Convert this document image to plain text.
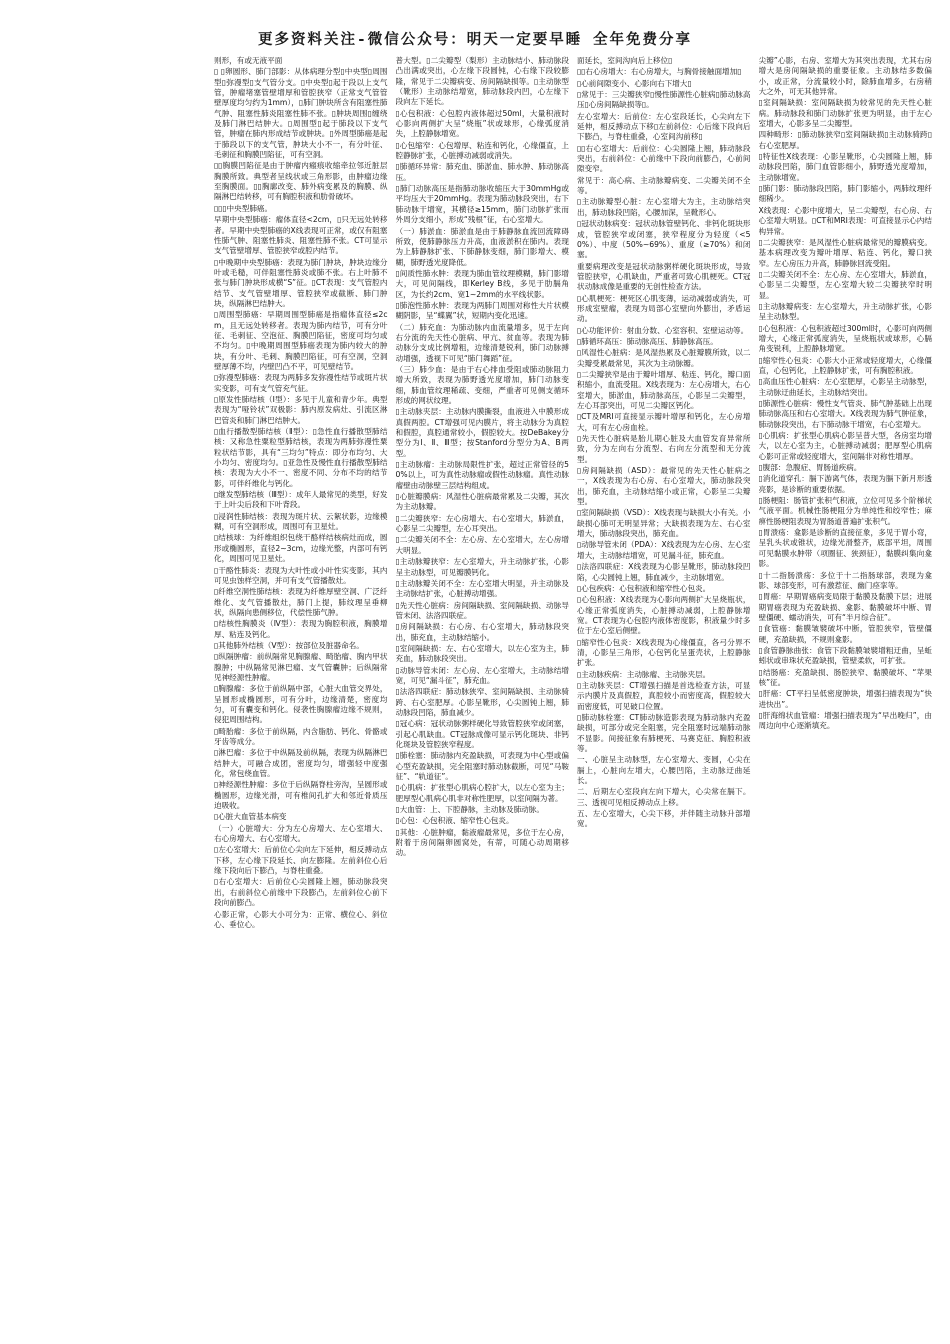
更多资料关注-微信公众号：明天一定要早睡 全年免费分享

则形，有或无液平面

▯ ▯卵圆形、肺门部影：从体病理分型▯中央型▯周围型▯弥漫型▯支气管分支。▯中央型▯起于段以上支气管，肿瘤堵塞管壁增厚和管腔狭窄（正常支气管管壁厚度均匀约为1mm），▯肺门肿块所含有阻塞性肺气肿、阻塞性肺炎阻塞性肺不张。▯肿块周围▯缠绕及肺门淋巴结肿大。▯周围型▯起于肺段以下支气管，肿瘤在肺内形成结节或肿块。▯外周型肺癌是起于肺段以下的支气管，肿块大小不一，有分叶征、毛刺征和胸膜凹陷征，可有空洞。

▯▯胸膜凹陷征是由于肿瘤内瘢痕收缩牵拉邻近脏层胸膜所致。典型者呈线状或三角形影，由肿瘤边缘至胸膜面。▯▯胸廓改变、肺外病变累及的胸膜、纵隔淋巴结转移，可有胸腔积液和肋骨破坏。

▯▯▯中央型肺癌。

早期中央型肺癌：瘤体直径<2cm，▯只无远处转移者。早期中央型肺癌的X线表现可正常，或仅有阻塞性肺气肿、阻塞性肺炎、阻塞性肺不张。CT可显示支气管壁增厚、管腔狭窄或腔内结节。

▯中晚期中央型肺癌：表现为肺门肿块，肿块边缘分叶或毛糙，可伴阻塞性肺炎或肺不张。右上叶肺不张与肺门肿块形成横“S”征。▯CT表现：支气管腔内结节、支气管壁增厚、管腔狭窄或截断、肺门肿块，纵隔淋巴结肿大。

▯周围型肺癌：早期周围型肺癌是指瘤体直径≤2cm，且无远处转移者。表现为肺内结节，可有分叶征、毛刺征、空泡征、胸膜凹陷征，密度可均匀或不均匀。▯中晚期周围型肺癌表现为肺内较大的肿块，有分叶、毛刺、胸膜凹陷征，可有空洞，空洞壁厚薄不均，内壁凹凸不平，可见壁结节。

▯弥漫型肺癌：表现为两肺多发弥漫性结节或斑片状实变影，可有支气管充气征。

▯原发性肺结核（Ⅰ型）：多见于儿童和青少年。典型表现为“哑铃状”双极影：肺内原发病灶、引流区淋巴管炎和肺门淋巴结肿大。

▯血行播散型肺结核（Ⅱ型）：▯急性血行播散型肺结核：又称急性粟粒型肺结核，表现为两肺弥漫性粟粒状结节影，具有“三均匀”特点：即分布均匀、大小均匀、密度均匀。▯亚急性及慢性血行播散型肺结核：表现为大小不一、密度不同、分布不均的结节影，可伴纤维化与钙化。

▯继发型肺结核（Ⅲ型）：成年人最常见的类型，好发于上叶尖后段和下叶背段。

▯浸润性肺结核：表现为斑片状、云絮状影，边缘模糊，可有空洞形成，周围可有卫星灶。

▯结核球：为纤维组织包绕干酪样结核病灶而成，圆形或椭圆形，直径2~3cm，边缘光整，内部可有钙化，周围可见卫星灶。

▯干酪性肺炎：表现为大叶性或小叶性实变影，其内可见虫蚀样空洞，并可有支气管播散灶。

▯纤维空洞性肺结核：表现为纤维厚壁空洞、广泛纤维化、支气管播散灶，肺门上提，肺纹理呈垂柳状，纵隔向患侧移位，代偿性肺气肿。

▯结核性胸膜炎（Ⅳ型）：表现为胸腔积液，胸膜增厚、粘连及钙化。

▯其他肺外结核（Ⅴ型）：按部位及脏器命名。

▯纵隔肿瘤：前纵隔常见胸腺瘤、畸胎瘤、胸内甲状腺肿；中纵隔常见淋巴瘤、支气管囊肿；后纵隔常见神经源性肿瘤。

▯胸腺瘤：多位于前纵隔中部，心脏大血管交界处，呈圆形或椭圆形，可有分叶，边缘清楚，密度均匀，可有囊变和钙化。侵袭性胸腺瘤边缘不规则，侵犯周围结构。

▯畸胎瘤：多位于前纵隔，内含脂肪、钙化、骨骼或牙齿等成分。

▯淋巴瘤：多位于中纵隔及前纵隔，表现为纵隔淋巴结肿大，可融合成团，密度均匀，增强轻中度强化，常包绕血管。

▯神经源性肿瘤：多位于后纵隔脊柱旁沟，呈圆形或椭圆形，边缘光滑，可有椎间孔扩大和邻近骨质压迫吸收。

▯心脏大血管基本病变

（一）心脏增大：分为左心房增大、左心室增大、右心房增大、右心室增大。

▯左心室增大：后前位心尖向左下延伸，相反搏动点下移，左心缘下段延长、向左膨隆。左前斜位心后缘下段向后下膨凸，与脊柱重叠。

▯右心室增大：后前位心尖圆隆上翘，肺动脉段突出，右前斜位心前缘中下段膨凸，左前斜位心前下段向前膨凸。

心影正常，心影大小可分为：正常、横位心、斜位心、垂位心。

普大型。▯二尖瓣型（梨形）主动脉结小、肺动脉段凸出满或突出，心左缘下段圆钝，心右缘下段较膨隆，常见于二尖瓣病变、房间隔缺损等。▯主动脉型（靴形）主动脉结增宽，肺动脉段内凹，心左缘下段向左下延长。

▯心包积液：心包腔内液体超过50ml，大量积液时心影向两侧扩大呈“烧瓶”状或球形，心缘弧度消失，上腔静脉增宽。

▯心包缩窄：心包增厚、粘连和钙化，心缘僵直，上腔静脉扩张，心脏搏动减弱或消失。

▯肺循环异常：肺充血、肺淤血、肺水肿、肺动脉高压。

▯肺门动脉高压是指肺动脉收缩压大于30mmHg或平均压大于20mmHg。表现为肺动脉段突出，右下肺动脉干增宽，其横径≥15mm，肺门动脉扩张而外周分支细小，形成“残根”征，右心室增大。

（一）肺淤血：肺淤血是由于肺静脉血流回流障碍所致，使肺静脉压力升高，血液淤积在肺内。表现为上肺静脉扩张、下肺静脉变细，肺门影增大、模糊，肺野透光度降低。

▯间质性肺水肿：表现为肺血管纹理模糊，肺门影增大，可见间隔线，即Kerley B线，多见于肋膈角区，为长约2cm、宽1~2mm的水平线状影。

▯肺泡性肺水肿：表现为两肺门周围对称性大片状模糊阴影，呈“蝶翼”状，短期内变化迅速。

（二）肺充血：为肺动脉内血流量增多，见于左向右分流的先天性心脏病、甲亢、贫血等。表现为肺动脉分支成比例增粗，边缘清楚锐利，肺门动脉搏动增强，透视下可见“肺门舞蹈”征。

（三）肺少血：是由于右心排血受阻或肺动脉阻力增大所致，表现为肺野透光度增加，肺门动脉变细，肺血管纹理稀疏、变细，严重者可见侧支循环形成的网状纹理。

▯主动脉夹层：主动脉内膜撕裂，血液进入中膜形成真假两腔。CT增强可见内膜片，将主动脉分为真腔和假腔，真腔通常较小，假腔较大。按DeBakey分型分为Ⅰ、Ⅱ、Ⅲ型；按Stanford分型分为A、B两型。

▯主动脉瘤：主动脉局限性扩张，超过正常管径的50%以上，可为真性动脉瘤或假性动脉瘤。真性动脉瘤壁由动脉壁三层结构组成。

▯心脏瓣膜病：风湿性心脏病最常累及二尖瓣，其次为主动脉瓣。

▯二尖瓣狭窄：左心房增大、右心室增大，肺淤血，心影呈二尖瓣型，左心耳突出。

▯二尖瓣关闭不全：左心房、左心室增大，左心房增大明显。

▯主动脉瓣狭窄：左心室增大，升主动脉扩张，心影呈主动脉型，可见瓣膜钙化。

▯主动脉瓣关闭不全：左心室增大明显，升主动脉及主动脉结扩张，心脏搏动增强。

▯先天性心脏病：房间隔缺损、室间隔缺损、动脉导管未闭、法洛四联症。

▯房间隔缺损：右心房、右心室增大，肺动脉段突出，肺充血，主动脉结缩小。

▯室间隔缺损：左、右心室增大，以左心室为主，肺充血，肺动脉段突出。

▯动脉导管未闭：左心房、左心室增大，主动脉结增宽，可见“漏斗征”，肺充血。

▯法洛四联症：肺动脉狭窄、室间隔缺损、主动脉骑跨、右心室肥厚。心影呈靴形，心尖圆钝上翘，肺动脉段凹陷，肺血减少。

▯冠心病：冠状动脉粥样硬化导致管腔狭窄或闭塞，引起心肌缺血。CT冠脉成像可显示钙化斑块、非钙化斑块及管腔狭窄程度。

▯肺栓塞：肺动脉内充盈缺损，可表现为中心型或偏心型充盈缺损，完全阻塞时肺动脉截断，可见“马鞍征”、“轨道征”。

▯心肌病：扩张型心肌病心腔扩大，以左心室为主；肥厚型心肌病心肌非对称性肥厚，以室间隔为著。

▯大血管：上、下腔静脉，主动脉及肺动脉。

▯心包：心包积液、缩窄性心包炎。

▯其他：心脏肿瘤，黏液瘤最常见，多位于左心房，附着于房间隔卵圆窝处，有蒂，可随心动周期移动。

面延长，室间沟向后上移位▯

▯▯右心房增大：右心房增大，与胸骨接触面增加▯

▯心前间隙变小、心影向右下增大▯

▯常见于：三尖瓣狭窄▯慢性肺源性心脏病▯肺动脉高压▯心房间隔缺损等▯。

左心室增大：后前位：左心室段延长，心尖向左下延伸，相反搏动点下移▯左前斜位：心后缘下段向后下膨凸，与脊柱重叠，心室间沟前移▯

▯▯右心室增大：后前位：心尖圆隆上翘，肺动脉段突出，右前斜位：心前缘中下段向前膨凸，心前间隙变窄。

常见于：高心病、主动脉瓣病变、二尖瓣关闭不全等。

▯主动脉瓣型心脏：左心室增大为主，主动脉结突出，肺动脉段凹陷，心腰加深，呈靴形心。

▯冠状动脉病变：冠状动脉管壁钙化、非钙化斑块形成，管腔狭窄或闭塞，狭窄程度分为轻度（<50%）、中度（50%~69%）、重度（≥70%）和闭塞。

重要病理改变是冠状动脉粥样硬化斑块形成，导致管腔狭窄，心肌缺血，严重者可致心肌梗死。CT冠状动脉成像是重要的无创性检查方法。

▯心肌梗死：梗死区心肌变薄，运动减弱或消失，可形成室壁瘤，表现为局部心室壁向外膨出，矛盾运动。

▯心功能评价：射血分数、心室容积、室壁运动等。

▯肺循环高压：肺动脉高压、肺静脉高压。

▯风湿性心脏病：是风湿热累及心脏瓣膜所致，以二尖瓣受累最常见，其次为主动脉瓣。

▯二尖瓣狭窄是由于瓣叶增厚、粘连、钙化，瓣口面积缩小，血流受阻。X线表现为：左心房增大，右心室增大，肺淤血，肺动脉高压，心影呈二尖瓣型，左心耳部突出，可见二尖瓣区钙化。

▯CT及MRI可直接显示瓣叶增厚和钙化，左心房增大，可有左心房血栓。

▯先天性心脏病是胎儿期心脏及大血管发育异常所致，分为左向右分流型、右向左分流型和无分流型。

▯房间隔缺损（ASD）：最常见的先天性心脏病之一，X线表现为右心房、右心室增大，肺动脉段突出，肺充血，主动脉结缩小或正常，心影呈二尖瓣型。

▯室间隔缺损（VSD）：X线表现与缺损大小有关。小缺损心肺可无明显异常；大缺损表现为左、右心室增大，肺动脉段突出，肺充血。

▯动脉导管未闭（PDA）：X线表现为左心房、左心室增大，主动脉结增宽，可见漏斗征，肺充血。

▯法洛四联症：X线表现为心影呈靴形，肺动脉段凹陷，心尖圆钝上翘，肺血减少，主动脉增宽。

▯心包疾病：心包积液和缩窄性心包炎。

▯心包积液：X线表现为心影向两侧扩大呈烧瓶状，心缘正常弧度消失，心脏搏动减弱，上腔静脉增宽。CT表现为心包腔内液体密度影，积液量少时多位于左心室后侧壁。

▯缩窄性心包炎：X线表现为心缘僵直，各弓分界不清，心影呈三角形，心包钙化呈蛋壳状，上腔静脉扩张。

▯主动脉疾病：主动脉瘤、主动脉夹层。

▯主动脉夹层：CT增强扫描是首选检查方法，可显示内膜片及真假腔，真腔较小而密度高，假腔较大而密度低，可见破口位置。

▯肺动脉栓塞：CT肺动脉造影表现为肺动脉内充盈缺损，可部分或完全阻塞，完全阻塞时远端肺动脉不显影。间接征象有肺梗死、马赛克征、胸腔积液等。

一、心脏呈主动脉型，左心室增大、变圆，心尖在膈上，心脏向左增大，心腰凹陷，主动脉迂曲延长。

二、后期左心室段向左向下增大，心尖常在膈下。三、透视可见相反搏动点上移。

五、左心室增大，心尖下移，并伴随主动脉升部增宽。

尖瓣”心影，右房、室增大为其突出表现，尤其右房增大是房间隔缺损的重要征象。主动脉结多数偏小，或正常，分流量较小时，除肺血增多，右房稍大之外，可无其他异常。

▯室间隔缺损：室间隔缺损为较常见的先天性心脏病。肺动脉段和肺门动脉扩张更为明显，由于左心室增大，心影多呈二尖瓣型。

四种畸形：▯肺动脉狭窄▯室间隔缺损▯主动脉骑跨▯右心室肥厚。

▯特征性X线表现：心影呈靴形，心尖圆隆上翘，肺动脉段凹陷，肺门血管影细小，肺野透光度增加，主动脉增宽。

▯肺门影：肺动脉段凹陷，肺门影缩小，两肺纹理纤细稀少。

X线表现：心影中度增大，呈二尖瓣型，右心房、右心室增大明显。▯CT和MRI表现：可直接显示心内结构异常。

▯二尖瓣狭窄：是风湿性心脏病最常见的瓣膜病变。基本病理改变为瓣叶增厚、粘连、钙化，瓣口狭窄。左心房压力升高，肺静脉回流受阻。

▯二尖瓣关闭不全：左心房、左心室增大，肺淤血，心影呈二尖瓣型，左心室增大较二尖瓣狭窄时明显。

▯主动脉瓣病变：左心室增大，升主动脉扩张，心影呈主动脉型。

▯心包积液：心包积液超过300ml时，心影可向两侧增大，心缘正常弧度消失，呈烧瓶状或球形，心膈角变锐利，上腔静脉增宽。

▯缩窄性心包炎：心影大小正常或轻度增大，心缘僵直，心包钙化，上腔静脉扩张，可有胸腔积液。

▯高血压性心脏病：左心室肥厚，心影呈主动脉型，主动脉迂曲延长，主动脉结突出。

▯肺源性心脏病：慢性支气管炎、肺气肿基础上出现肺动脉高压和右心室增大。X线表现为肺气肿征象，肺动脉段突出，右下肺动脉干增宽，右心室增大。

▯心肌病：扩张型心肌病心影呈普大型，各房室均增大，以左心室为主，心脏搏动减弱；肥厚型心肌病心影可正常或轻度增大，室间隔非对称性增厚。

▯腹部：急腹症、胃肠道疾病。

▯消化道穿孔：膈下游离气体，表现为膈下新月形透亮影，是诊断的重要依据。

▯肠梗阻：肠管扩张积气积液，立位可见多个阶梯状气液平面。机械性肠梗阻分为单纯性和绞窄性；麻痹性肠梗阻表现为胃肠道普遍扩张积气。

▯胃溃疡：龛影是诊断的直接征象，多见于胃小弯，呈乳头状或锥状，边缘光滑整齐，底部平坦，周围可见黏膜水肿带（项圈征、狭颈征），黏膜纠集向龛影。

▯十二指肠溃疡：多位于十二指肠球部，表现为龛影、球部变形，可有激惹征、幽门痉挛等。

▯胃癌：早期胃癌病变局限于黏膜及黏膜下层；进展期胃癌表现为充盈缺损、龛影、黏膜破坏中断、胃壁僵硬、蠕动消失，可有“半月综合征”。

▯食管癌：黏膜皱襞破坏中断，管腔狭窄，管壁僵硬，充盈缺损，不规则龛影。

▯食管静脉曲张：食管下段黏膜皱襞增粗迂曲，呈蚯蚓状或串珠状充盈缺损，管壁柔软，可扩张。

▯结肠癌：充盈缺损、肠腔狭窄、黏膜破坏、“苹果核”征。

▯肝癌：CT平扫呈低密度肿块，增强扫描表现为“快进快出”。

▯肝海绵状血管瘤：增强扫描表现为“早出晚归”，由周边向中心逐渐填充。
